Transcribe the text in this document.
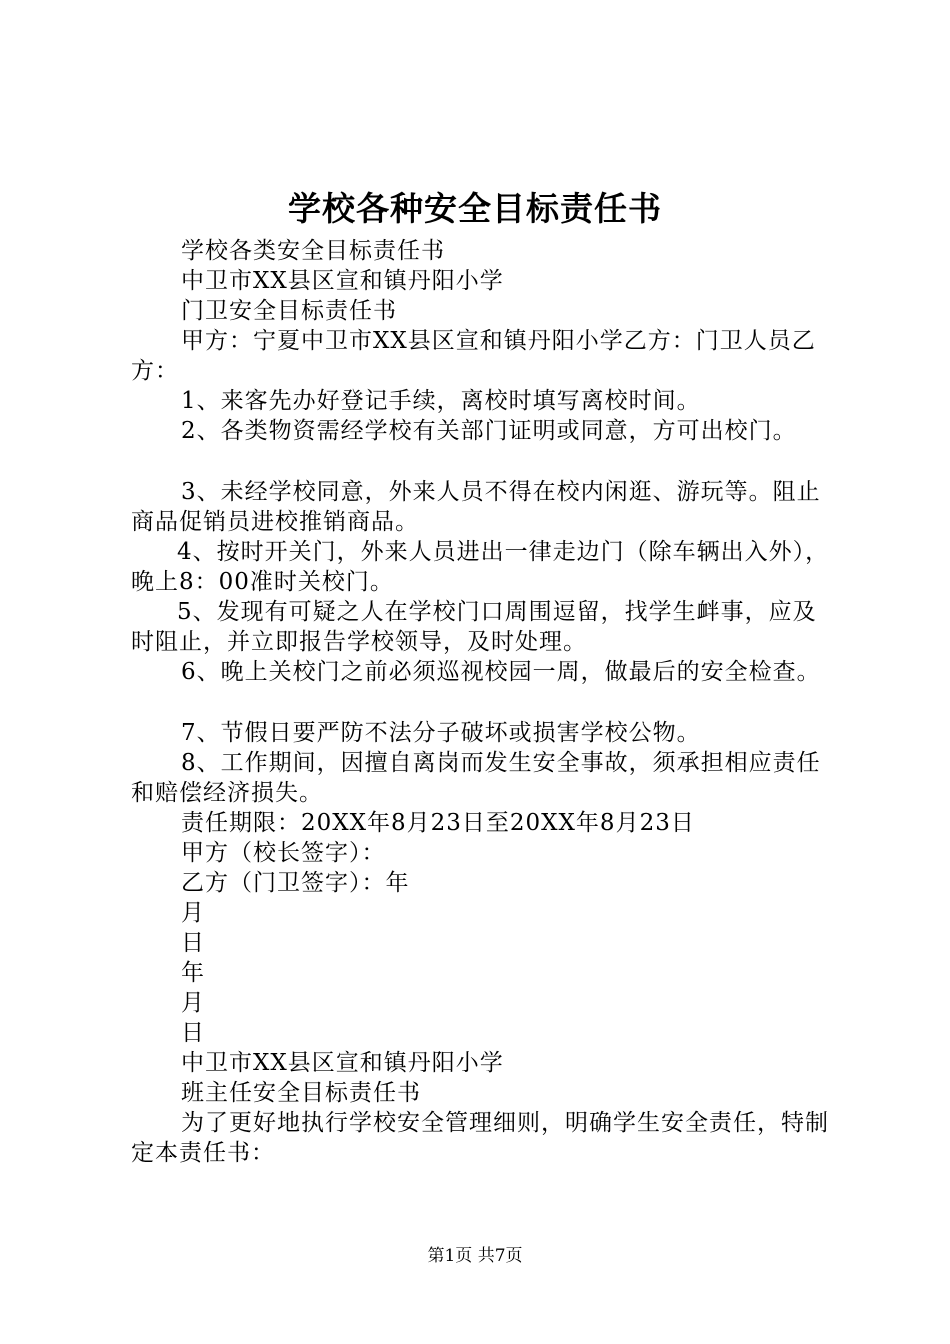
学校各种安全目标责任书

学校各类安全目标责任书

中卫市XX县区宣和镇丹阳小学

门卫安全目标责任书

甲方：宁夏中卫市XX县区宣和镇丹阳小学乙方：门卫人员乙方：

1、来客先办好登记手续，离校时填写离校时间。

2、各类物资需经学校有关部门证明或同意，方可出校门。

3、未经学校同意，外来人员不得在校内闲逛、游玩等。阻止商品促销员进校推销商品。

4、按时开关门，外来人员进出一律走边门（除车辆出入外），晚上8：00准时关校门。

5、发现有可疑之人在学校门口周围逗留，找学生衅事，应及时阻止，并立即报告学校领导，及时处理。

6、晚上关校门之前必须巡视校园一周，做最后的安全检查。

7、节假日要严防不法分子破坏或损害学校公物。

8、工作期间，因擅自离岗而发生安全事故，须承担相应责任和赔偿经济损失。

责任期限：20XX年8月23日至20XX年8月23日

甲方（校长签字）：

乙方（门卫签字）：年

月

日

年

月

日

中卫市XX县区宣和镇丹阳小学

班主任安全目标责任书

为了更好地执行学校安全管理细则，明确学生安全责任，特制定本责任书：

第1页 共7页
